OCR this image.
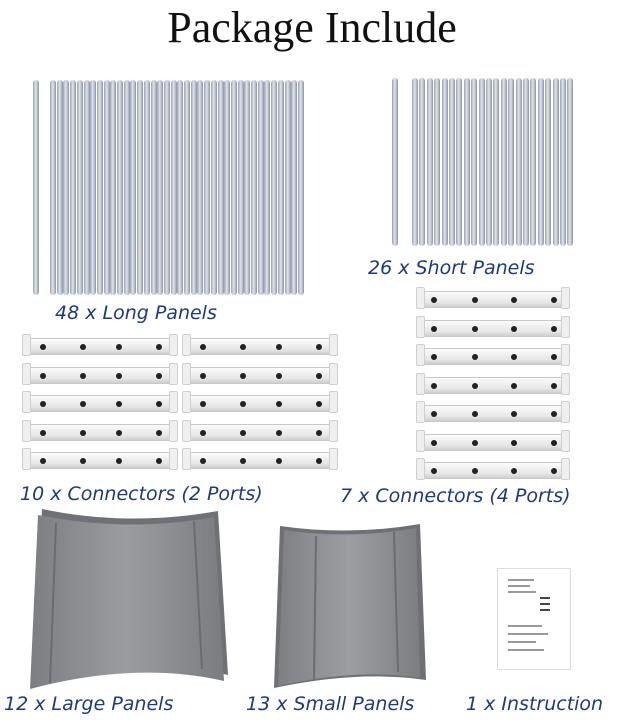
Package Include
48 x Long Panels
26 x Short Panels
10 x Connectors (2 Ports)	7 x Connectors (4 Ports)
12 x Large Panels	13 x Small Panels	1 x Instruction
